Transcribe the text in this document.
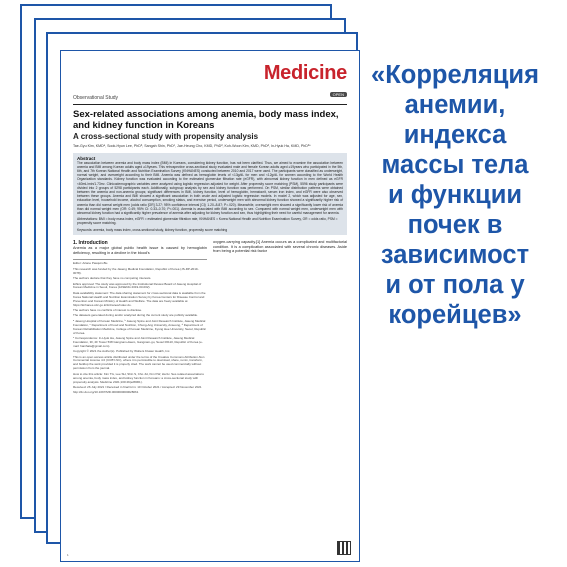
Observational Study
Medicine
OPEN
Sex-related associations among anemia, body mass index, and kidney function in Koreans
A cross-sectional study with propensity analysis
Tae-Gyu Kim, KMDᵃ, Sook-Hyun Lee, PhDᵇ, Sangah Shin, PhDᶜ, Jae-Heung Cho, KMD, PhDᵈ, Koh-Woon Kim, KMD, PhDᵈ, In-Hyuk Ha, KMD, PhDᵇ*
Abstract
The association between anemia and body mass index (BMI) in Koreans, considering kidney function, has not been clarified. Thus, we aimed to examine the association between anemia and BMI among Korean adults aged ≥19years. This retrospective cross-sectional study evaluated male and female Korean adults aged ≥19years who participated in the 5th, 6th, and 7th Korean National Health and Nutrition Examination Survey (KNHANES) conducted between 2010 and 2017 were used. The participants were classified as underweight, normal weight, and overweight according to their BMI. Anemia was defined as hemoglobin levels of <13g/dL for men and <12g/dL for women according to the World Health Organization standards. Kidney function was evaluated according to the estimated glomerular filtration rate (eGFR), with abnormal kidney function in men defined as eGFR <60mL/min/1.73m². Clinicodemographic variables were analyzed using logistic regression adjusted for weight. After propensity score matching (PSM), 5596 study participants were divided into 2 groups of 5298 participants each. Additionally, subgroup analysis by sex and kidney function was performed. On PSM, similar distribution patterns were obtained between the anemia and non-anemia groups; significant differences in BMI, kidney function, level of hemoglobin, hematocrit, serum iron index, and eGFR were also observed between these groups. Anemia and BMI showed a significant association in both crude and adjusted logistic regression models. In model 2, which was adjusted for age, sex, education level, household income, alcohol consumption, smoking status, and exercise period, underweight men with abnormal kidney function showed a significantly higher risk of anemia than did normal weight men (odds ratio [OR] 3.27; 95% confidence interval [CI]: 1.20–8.87; P=.020). Meanwhile, overweight men showed a significantly lower risk of anemia than did normal weight men (OR: 0.49; 95% CI: 0.33–0.70; P<.001). Anemia is associated with BMI according to sex. Compared with normal weight men, underweight men with abnormal kidney function had a significantly higher prevalence of anemia after adjusting for kidney function and sex, thus highlighting their need for careful management for anemia.
Abbreviations: BMI = body mass index, eGFR = estimated glomerular filtration rate, KNHANES = Korea National Health and Nutrition Examination Survey, OR = odds ratio, PSM = propensity score matching.
Keywords: anemia, body mass index, cross-sectional study, kidney function, propensity score matching
1. Introduction
Anemia as a major global public health issue is caused by hemoglobin deficiency, resulting in a decline in the blood's
Editor: Ariane Pasquin-Bu.
This research was funded by the Jaseng Medical Foundation, Republic of Korea (JS-RP-2019-0078).
The authors declare that they have no competing interests.
Ethics approval: The study was approved by the Institutional Review Board of Jaseng Hospital of Korean Medicine in Seoul, Korea (JASENG 2019-03-002).
Data availability statement: The data sharing statement for cross-sectional data is available from the Korea National Health and Nutrition Examination Survey by Korea Centers for Disease Control and Prevention and Korean Ministry of Health and Welfare. The data are freely available at https://knhanes.cdc.go.kr/knhanes/index.do.
The authors have no conflicts of interest to disclose.
The datasets generated during and/or analyzed during the current study are publicly available.
ᵃ Jaseng Hospital of Korean Medicine, ᵇ Jaseng Spine and Joint Research Institute, Jaseng Medical Foundation, ᶜ Department of Food and Nutrition, Chung-Ang University, Anseong, ᵈ Department of Korean Rehabilitation Medicine, College of Korean Medicine, Kyung Hee University, Seoul, Republic of Korea.
* Correspondence: In-Hyuk Ha, Jaseng Spine and Joint Research Institute, Jaseng Medical Foundation, 3F, 2F Tower 538 Gangnam-daero, Gangnam-gu, Seoul 06110, Republic of Korea (e-mail: hanihata@gmail.com).
Copyright © 2021 the Author(s). Published by Wolters Kluwer Health, Inc.
This is an open access article distributed under the terms of the Creative Commons Attribution-Non Commercial License 4.0 (CCBY-NC), where it is permissible to download, share, remix, transform, and buildup the work provided it is properly cited. The work cannot be used commercially without permission from the journal.
How to cite this article: Kim TG, Lee SH, Shin S, Cho JH, Kim KW, Ha IH. Sex-related associations among anemia, body mass index, and kidney function in Koreans: a cross-sectional study with propensity analysis. Medicine 2021;100:49(e28061).
Received: 26 July 2021 / Received in final form: 10 October 2021 / Accepted: 29 November 2021
http://dx.doi.org/10.1097/MD.0000000000028061
oxygen-carrying capacity.[1] Anemia occurs as a complicated and multifactorial condition. It is a complication associated with several chronic diseases. Aside from being a potential risk factor
1
«Корреляция
анемии,
индекса
массы тела
и функции
почек в
зависимост
и от пола у
корейцев»
